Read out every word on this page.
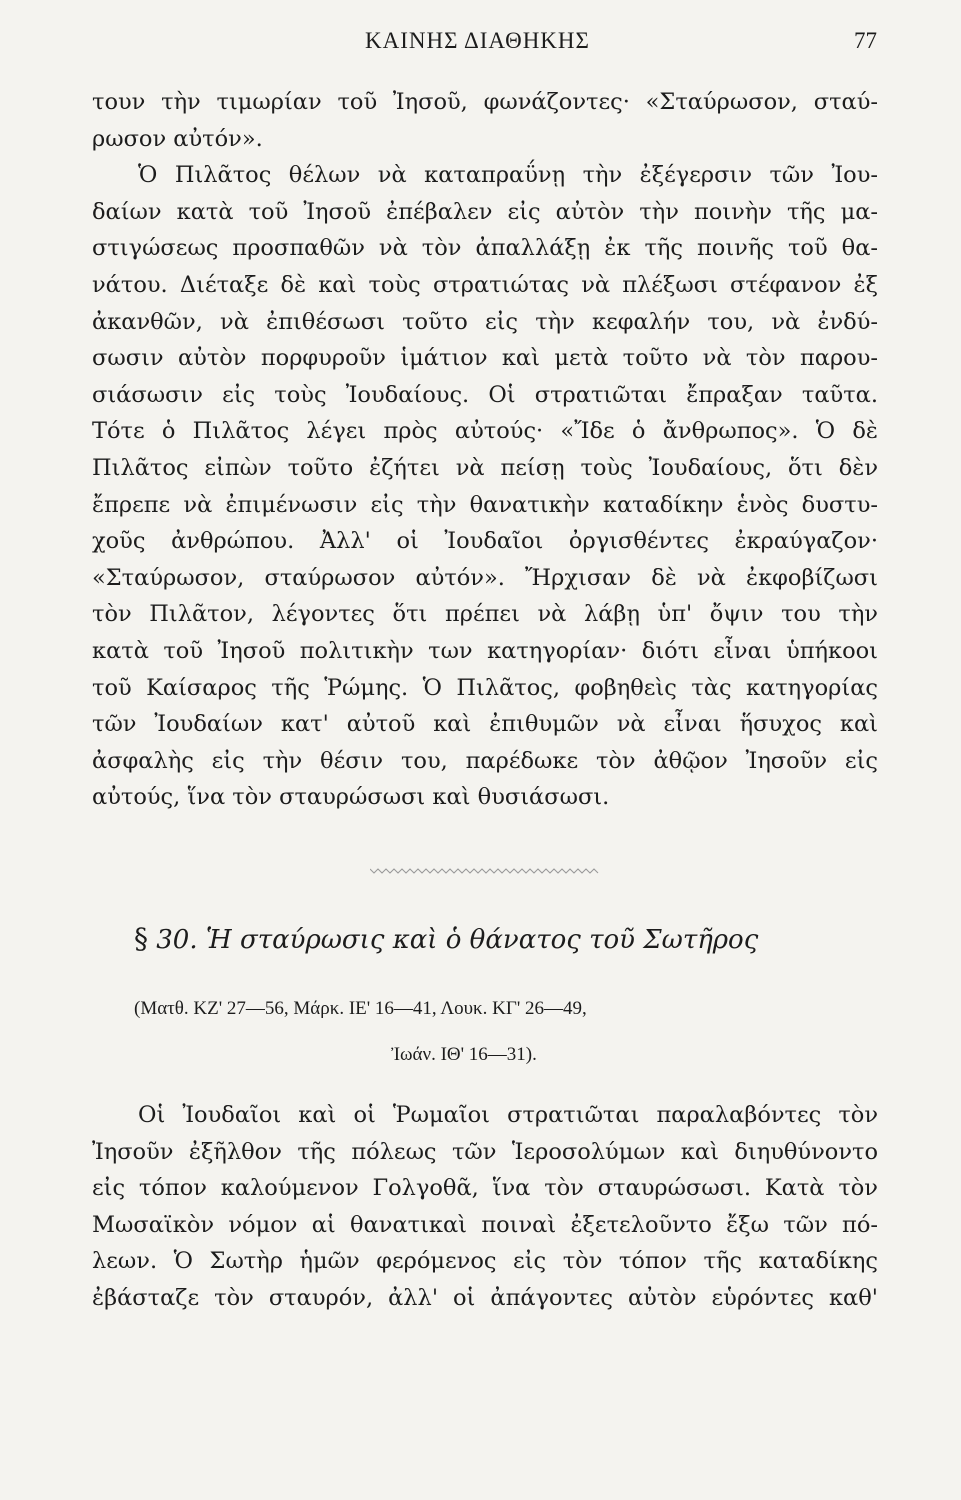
ΚΑΙΝΗΣ ΔΙΑΘΗΚΗΣ	77
τουν τὴν τιμωρίαν τοῦ Ἰησοῦ, φωνάζοντες· «Σταύρωσον, σταύ-
ρωσον αὐτόν».
Ὁ Πιλᾶτος θέλων νὰ καταπραΰνῃ τὴν ἐξέγερσιν τῶν Ἰου-
δαίων κατὰ τοῦ Ἰησοῦ ἐπέβαλεν εἰς αὐτὸν τὴν ποινὴν τῆς μα-
στιγώσεως προσπαθῶν νὰ τὸν ἀπαλλάξῃ ἐκ τῆς ποινῆς τοῦ θα-
νάτου. Διέταξε δὲ καὶ τοὺς στρατιώτας νὰ πλέξωσι στέφανον ἐξ
ἀκανθῶν, νὰ ἐπιθέσωσι τοῦτο εἰς τὴν κεφαλήν του, νὰ ἐνδύ-
σωσιν αὐτὸν πορφυροῦν ἱμάτιον καὶ μετὰ τοῦτο νὰ τὸν παρου-
σιάσωσιν εἰς τοὺς Ἰουδαίους. Οἱ στρατιῶται ἔπραξαν ταῦτα.
Τότε ὁ Πιλᾶτος λέγει πρὸς αὐτούς· «Ἴδε ὁ ἄνθρωπος». Ὁ δὲ
Πιλᾶτος εἰπὼν τοῦτο ἐζήτει νὰ πείσῃ τοὺς Ἰουδαίους, ὅτι δὲν
ἔπρεπε νὰ ἐπιμένωσιν εἰς τὴν θανατικὴν καταδίκην ἑνὸς δυστυ-
χοῦς ἀνθρώπου. Ἀλλ' οἱ Ἰουδαῖοι ὀργισθέντες ἐκραύγαζον·
«Σταύρωσον, σταύρωσον αὐτόν». Ἤρχισαν δὲ νὰ ἐκφοβίζωσι
τὸν Πιλᾶτον, λέγοντες ὅτι πρέπει νὰ λάβῃ ὑπ' ὄψιν του τὴν
κατὰ τοῦ Ἰησοῦ πολιτικὴν των κατηγορίαν· διότι εἶναι ὑπήκοοι
τοῦ Καίσαρος τῆς Ῥώμης. Ὁ Πιλᾶτος, φοβηθεὶς τὰς κατηγορίας
τῶν Ἰουδαίων κατ' αὐτοῦ καὶ ἐπιθυμῶν νὰ εἶναι ἥσυχος καὶ
ἀσφαλὴς εἰς τὴν θέσιν του, παρέδωκε τὸν ἀθῷον Ἰησοῦν εἰς
αὐτούς, ἵνα τὸν σταυρώσωσι καὶ θυσιάσωσι.
§ 30. Ἡ σταύρωσις καὶ ὁ θάνατος τοῦ Σωτῆρος
(Ματθ. ΚΖ' 27—56, Μάρκ. ΙΕ' 16—41, Λουκ. ΚΓ' 26—49,
Ἰωάν. ΙΘ' 16—31).
Οἱ Ἰουδαῖοι καὶ οἱ Ῥωμαῖοι στρατιῶται παραλαβόντες τὸν
Ἰησοῦν ἐξῆλθον τῆς πόλεως τῶν Ἱεροσολύμων καὶ διηυθύνοντο
εἰς τόπον καλούμενον Γολγοθᾶ, ἵνα τὸν σταυρώσωσι. Κατὰ τὸν
Μωσαϊκὸν νόμον αἱ θανατικαὶ ποιναὶ ἐξετελοῦντο ἔξω τῶν πό-
λεων. Ὁ Σωτὴρ ἡμῶν φερόμενος εἰς τὸν τόπον τῆς καταδίκης
ἐβάσταζε τὸν σταυρόν, ἀλλ' οἱ ἀπάγοντες αὐτὸν εὑρόντες καθ'
